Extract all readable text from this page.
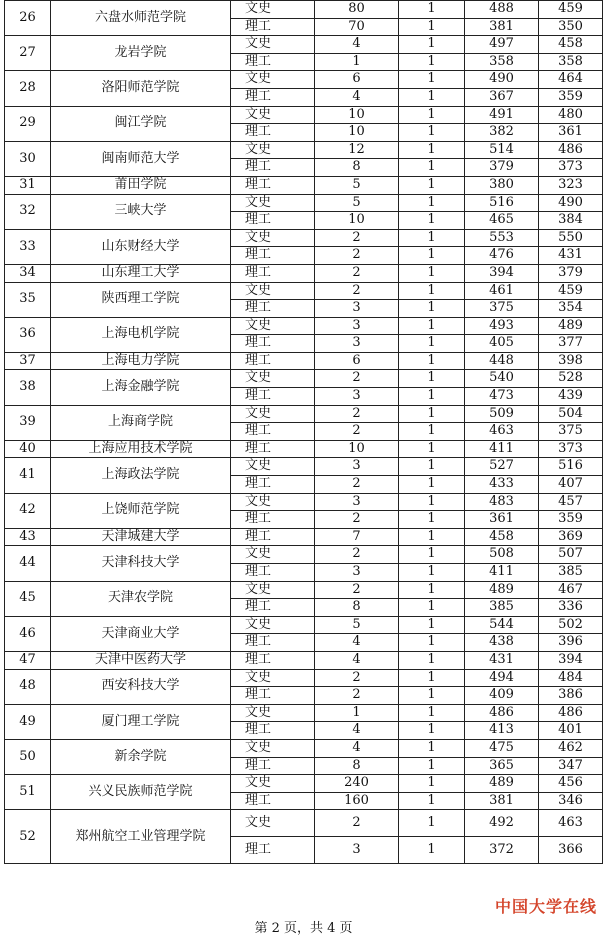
26	六盘水师范学院	文史	80	1	488	459
		理工	70	1	381	350
27	龙岩学院	文史	4	1	497	458
		理工	1	1	358	358
28	洛阳师范学院	文史	6	1	490	464
		理工	4	1	367	359
29	闽江学院	文史	10	1	491	480
		理工	10	1	382	361
30	闽南师范大学	文史	12	1	514	486
		理工	8	1	379	373
31	莆田学院	理工	5	1	380	323
32	三峡大学	文史	5	1	516	490
		理工	10	1	465	384
33	山东财经大学	文史	2	1	553	550
		理工	2	1	476	431
34	山东理工大学	理工	2	1	394	379
35	陕西理工学院	文史	2	1	461	459
		理工	3	1	375	354
36	上海电机学院	文史	3	1	493	489
		理工	3	1	405	377
37	上海电力学院	理工	6	1	448	398
38	上海金融学院	文史	2	1	540	528
		理工	3	1	473	439
39	上海商学院	文史	2	1	509	504
		理工	2	1	463	375
40	上海应用技术学院	理工	10	1	411	373
41	上海政法学院	文史	3	1	527	516
		理工	2	1	433	407
42	上饶师范学院	文史	3	1	483	457
		理工	2	1	361	359
43	天津城建大学	理工	7	1	458	369
44	天津科技大学	文史	2	1	508	507
		理工	3	1	411	385
45	天津农学院	文史	2	1	489	467
		理工	8	1	385	336
46	天津商业大学	文史	5	1	544	502
		理工	4	1	438	396
47	天津中医药大学	理工	4	1	431	394
48	西安科技大学	文史	2	1	494	484
		理工	2	1	409	386
49	厦门理工学院	文史	1	1	486	486
		理工	4	1	413	401
50	新余学院	文史	4	1	475	462
		理工	8	1	365	347
51	兴义民族师范学院	文史	240	1	489	456
		理工	160	1	381	346
52	郑州航空工业管理学院	文史	2	1	492	463
		理工	3	1	372	366
中国大学在线
第 2 页，共 4 页
